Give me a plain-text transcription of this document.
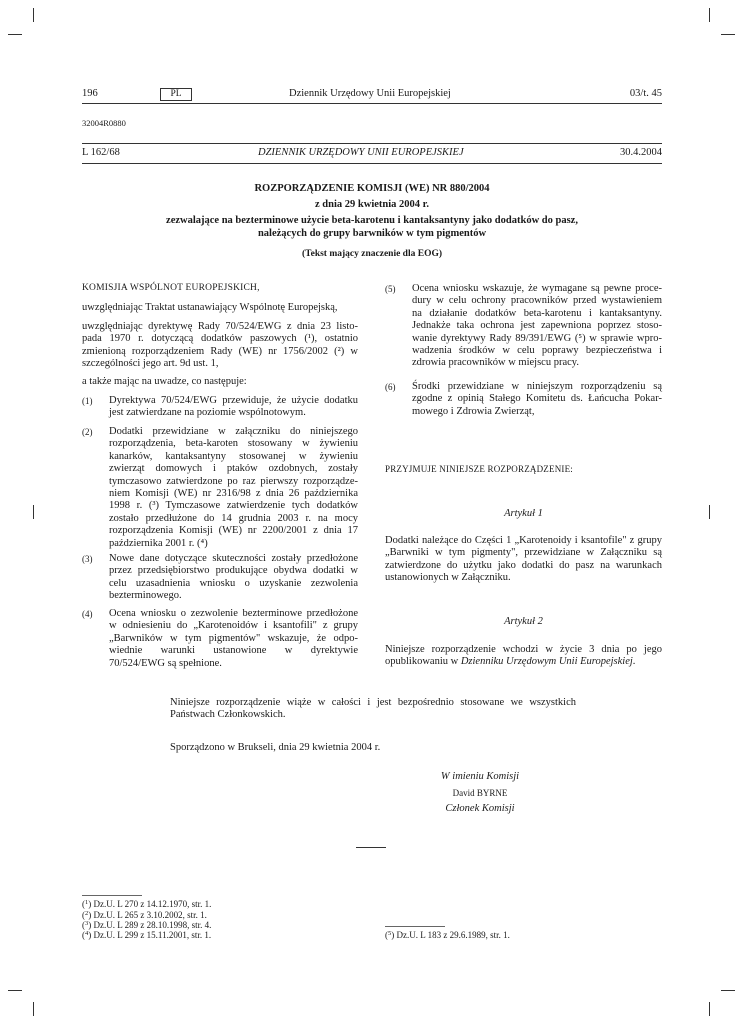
196	PL	Dziennik Urzędowy Unii Europejskiej	03/t. 45
32004R0880
L 162/68	DZIENNIK URZĘDOWY UNII EUROPEJSKIEJ	30.4.2004
ROZPORZĄDZENIE KOMISJI (WE) NR 880/2004
z dnia 29 kwietnia 2004 r.
zezwalające na bezterminowe użycie beta-karotenu i kantaksantyny jako dodatków do pasz,
należących do grupy barwników w tym pigmentów
(Tekst mający znaczenie dla EOG)
KOMISJIA WSPÓLNOT EUROPEJSKICH,
uwzględniając Traktat ustanawiający Wspólnotę Europejską,
uwzględniając dyrektywę Rady 70/524/EWG z dnia 23 listo-
pada 1970 r. dotyczącą dodatków paszowych (¹), ostatnio
zmienioną rozporządzeniem Rady (WE) nr 1756/2002 (²) w
szczególności jego art. 9d ust. 1,
a także mając na uwadze, co następuje:
(1) Dyrektywa 70/524/EWG przewiduje, że użycie dodatku
jest zatwierdzane na poziomie wspólnotowym.
(2) Dodatki przewidziane w załączniku do niniejszego
rozporządzenia, beta-karoten stosowany w żywieniu
kanarków, kantaksantyny stosowanej w żywieniu
zwierząt domowych i ptaków ozdobnych, zostały
tymczasowo zatwierdzone po raz pierwszy rozporządze-
niem Komisji (WE) nr 2316/98 z dnia 26 października
1998 r. (³) Tymczasowe zatwierdzenie tych dodatków
zostało przedłużone do 14 grudnia 2003 r. na mocy
rozporządzenia Komisji (WE) nr 2200/2001 z dnia 17
października 2001 r. (⁴)
(3) Nowe dane dotyczące skuteczności zostały przedłożone
przez przedsiębiorstwo produkujące obydwa dodatki w
celu uzasadnienia wniosku o uzyskanie zezwolenia
bezterminowego.
(4) Ocena wniosku o zezwolenie bezterminowe przedłożone
w odniesieniu do „Karotenoidów i ksantofili" z grupy
„Barwników w tym pigmentów" wskazuje, że odpo-
wiednie warunki ustanowione w dyrektywie
70/524/EWG są spełnione.
(5) Ocena wniosku wskazuje, że wymagane są pewne proce-
dury w celu ochrony pracowników przed wystawieniem
na działanie dodatków beta-karotenu i kantaksantyny.
Jednakże taka ochrona jest zapewniona poprzez stoso-
wanie dyrektywy Rady 89/391/EWG (⁵) w sprawie wpro-
wadzenia środków w celu poprawy bezpieczeństwa i
zdrowia pracowników w miejscu pracy.
(6) Środki przewidziane w niniejszym rozporządzeniu są
zgodne z opinią Stałego Komitetu ds. Łańcucha Pokar-
mowego i Zdrowia Zwierząt,
PRZYJMUJE NINIEJSZE ROZPORZĄDZENIE:
Artykuł 1
Dodatki należące do Części 1 „Karotenoidy i ksantofile" z grupy
„Barwniki w tym pigmenty", przewidziane w Załączniku są
zatwierdzone do użytku jako dodatki do pasz na warunkach
ustanowionych w Załączniku.
Artykuł 2
Niniejsze rozporządzenie wchodzi w życie 3 dnia po jego
opublikowaniu w Dzienniku Urzędowym Unii Europejskiej.
Niniejsze rozporządzenie wiąże w całości i jest bezpośrednio stosowane we wszystkich
Państwach Członkowskich.
Sporządzono w Brukseli, dnia 29 kwietnia 2004 r.
W imieniu Komisji
David BYRNE
Członek Komisji
($^1$) Dz.U. L 270 z 14.12.1970, str. 1.
($^2$) Dz.U. L 265 z 3.10.2002, str. 1.
($^3$) Dz.U. L 289 z 28.10.1998, str. 4.
($^4$) Dz.U. L 299 z 15.11.2001, str. 1.	($^5$) Dz.U. L 183 z 29.6.1989, str. 1.
